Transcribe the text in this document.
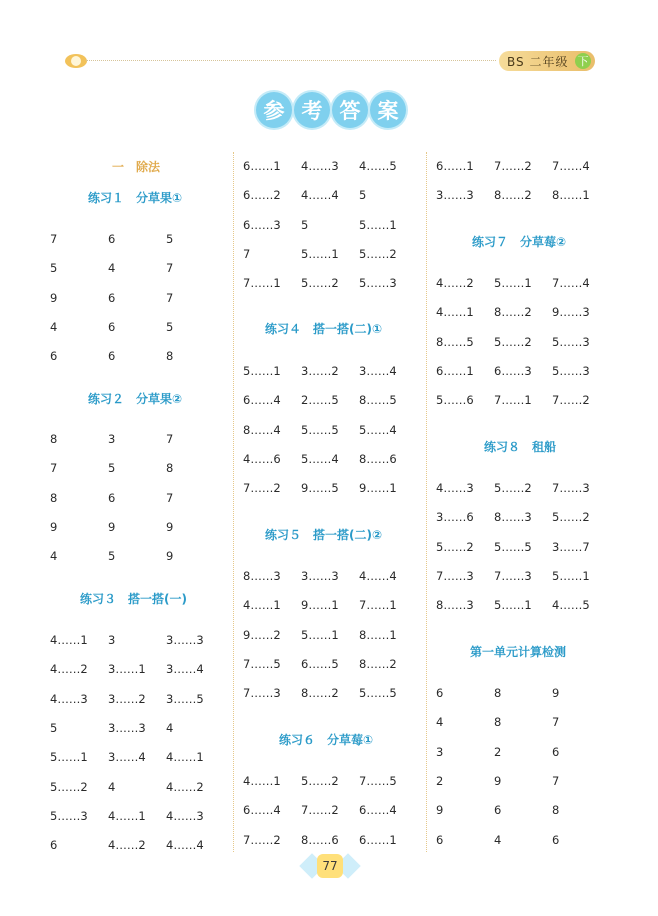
BS 二年级 下
参 考 答 案
一　除法
练习１　分草果①
7	6	5
5	4	7
9	6	7
4	6	5
6	6	8
练习２　分草果②
8	3	7
7	5	8
8	6	7
9	9	9
4	5	9
练习３　搭一搭(一)
4……1	3	3……3
4……2	3……1	3……4
4……3	3……2	3……5
5	3……3	4
5……1	3……4	4……1
5……2	4	4……2
5……3	4……1	4……3
6	4……2	4……4
6……1	4……3	4……5
6……2	4……4	5
6……3	5	5……1
7	5……1	5……2
7……1	5……2	5……3
练习４　搭一搭(二)①
5……1	3……2	3……4
6……4	2……5	8……5
8……4	5……5	5……4
4……6	5……4	8……6
7……2	9……5	9……1
练习５　搭一搭(二)②
8……3	3……3	4……4
4……1	9……1	7……1
9……2	5……1	8……1
7……5	6……5	8……2
7……3	8……2	5……5
练习６　分草莓①
4……1	5……2	7……5
6……4	7……2	6……4
7……2	8……6	6……1
6……1	7……2	7……4
3……3	8……2	8……1
练习７　分草莓②
4……2	5……1	7……4
4……1	8……2	9……3
8……5	5……2	5……3
6……1	6……3	5……3
5……6	7……1	7……2
练习８　租船
4……3	5……2	7……3
3……6	8……3	5……2
5……2	5……5	3……7
7……3	7……3	5……1
8……3	5……1	4……5
第一单元计算检测
6	8	9
4	8	7
3	2	6
2	9	7
9	6	8
6	4	6
77
